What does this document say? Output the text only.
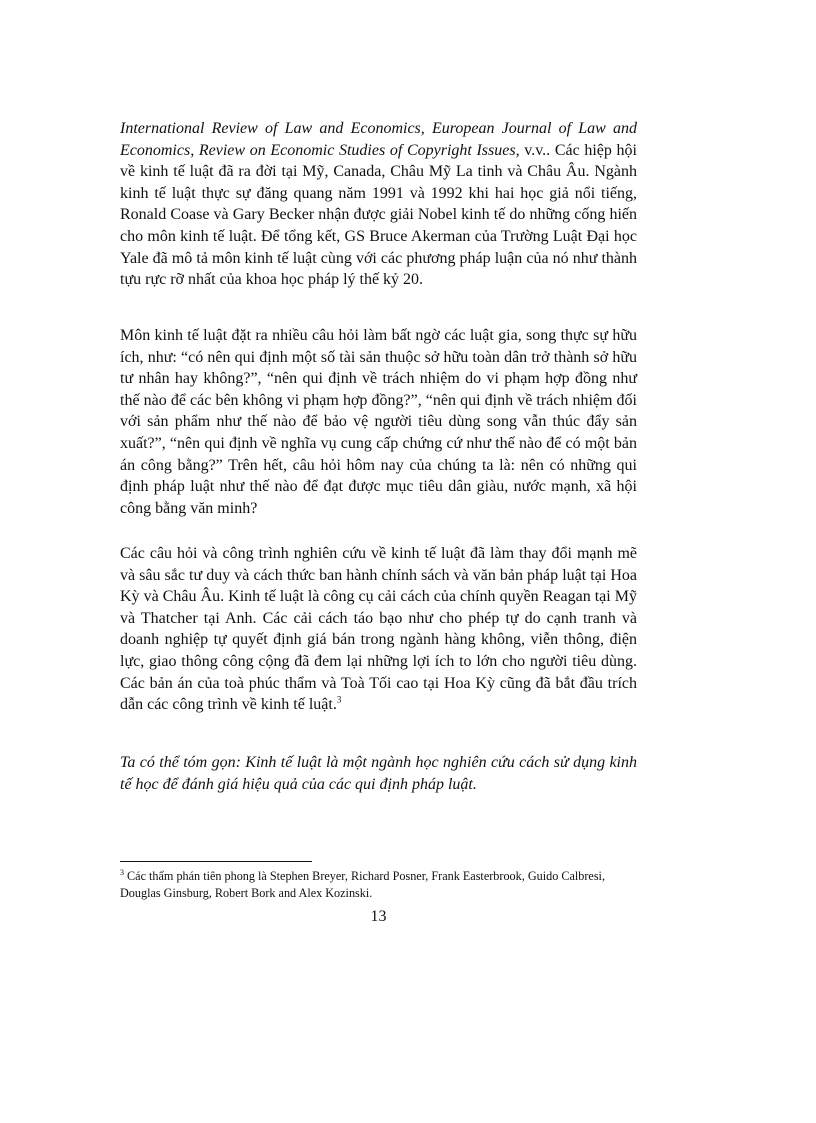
International Review of Law and Economics, European Journal of Law and Economics, Review on Economic Studies of Copyright Issues, v.v.. Các hiệp hội về kinh tế luật đã ra đời tại Mỹ, Canada, Châu Mỹ La tinh và Châu Âu. Ngành kinh tế luật thực sự đăng quang năm 1991 và 1992 khi hai học giả nổi tiếng, Ronald Coase và Gary Becker nhận được giải Nobel kinh tế do những cống hiến cho môn kinh tế luật. Để tổng kết, GS Bruce Akerman của Trường Luật Đại học Yale đã mô tả môn kinh tế luật cùng với các phương pháp luận của nó như thành tựu rực rỡ nhất của khoa học pháp lý thế kỷ 20.

Môn kinh tế luật đặt ra nhiều câu hỏi làm bất ngờ các luật gia, song thực sự hữu ích, như: “có nên qui định một số tài sản thuộc sở hữu toàn dân trở thành sở hữu tư nhân hay không?”, “nên qui định về trách nhiệm do vi phạm hợp đồng như thế nào để các bên không vi phạm hợp đồng?”, “nên qui định về trách nhiệm đối với sản phẩm như thế nào để bảo vệ người tiêu dùng song vẫn thúc đẩy sản xuất?”, “nên qui định về nghĩa vụ cung cấp chứng cứ như thế nào để có một bản án công bằng?” Trên hết, câu hỏi hôm nay của chúng ta là: nên có những qui định pháp luật như thế nào để đạt được mục tiêu dân giàu, nước mạnh, xã hội công bằng văn minh?

Các câu hỏi và công trình nghiên cứu về kinh tế luật đã làm thay đổi mạnh mẽ và sâu sắc tư duy và cách thức ban hành chính sách và văn bản pháp luật tại Hoa Kỳ và Châu Âu. Kinh tế luật là công cụ cải cách của chính quyền Reagan tại Mỹ và Thatcher tại Anh. Các cải cách táo bạo như cho phép tự do cạnh tranh và doanh nghiệp tự quyết định giá bán trong ngành hàng không, viễn thông, điện lực, giao thông công cộng đã đem lại những lợi ích to lớn cho người tiêu dùng. Các bản án của toà phúc thẩm và Toà Tối cao tại Hoa Kỳ cũng đã bắt đầu trích dẫn các công trình về kinh tế luật.$^3$

Ta có thể tóm gọn: Kinh tế luật là một ngành học nghiên cứu cách sử dụng kinh tế học để đánh giá hiệu quả của các qui định pháp luật.

$^3$ Các thẩm phán tiên phong là Stephen Breyer, Richard Posner, Frank Easterbrook, Guido Calbresi, Douglas Ginsburg, Robert Bork and Alex Kozinski.

13
